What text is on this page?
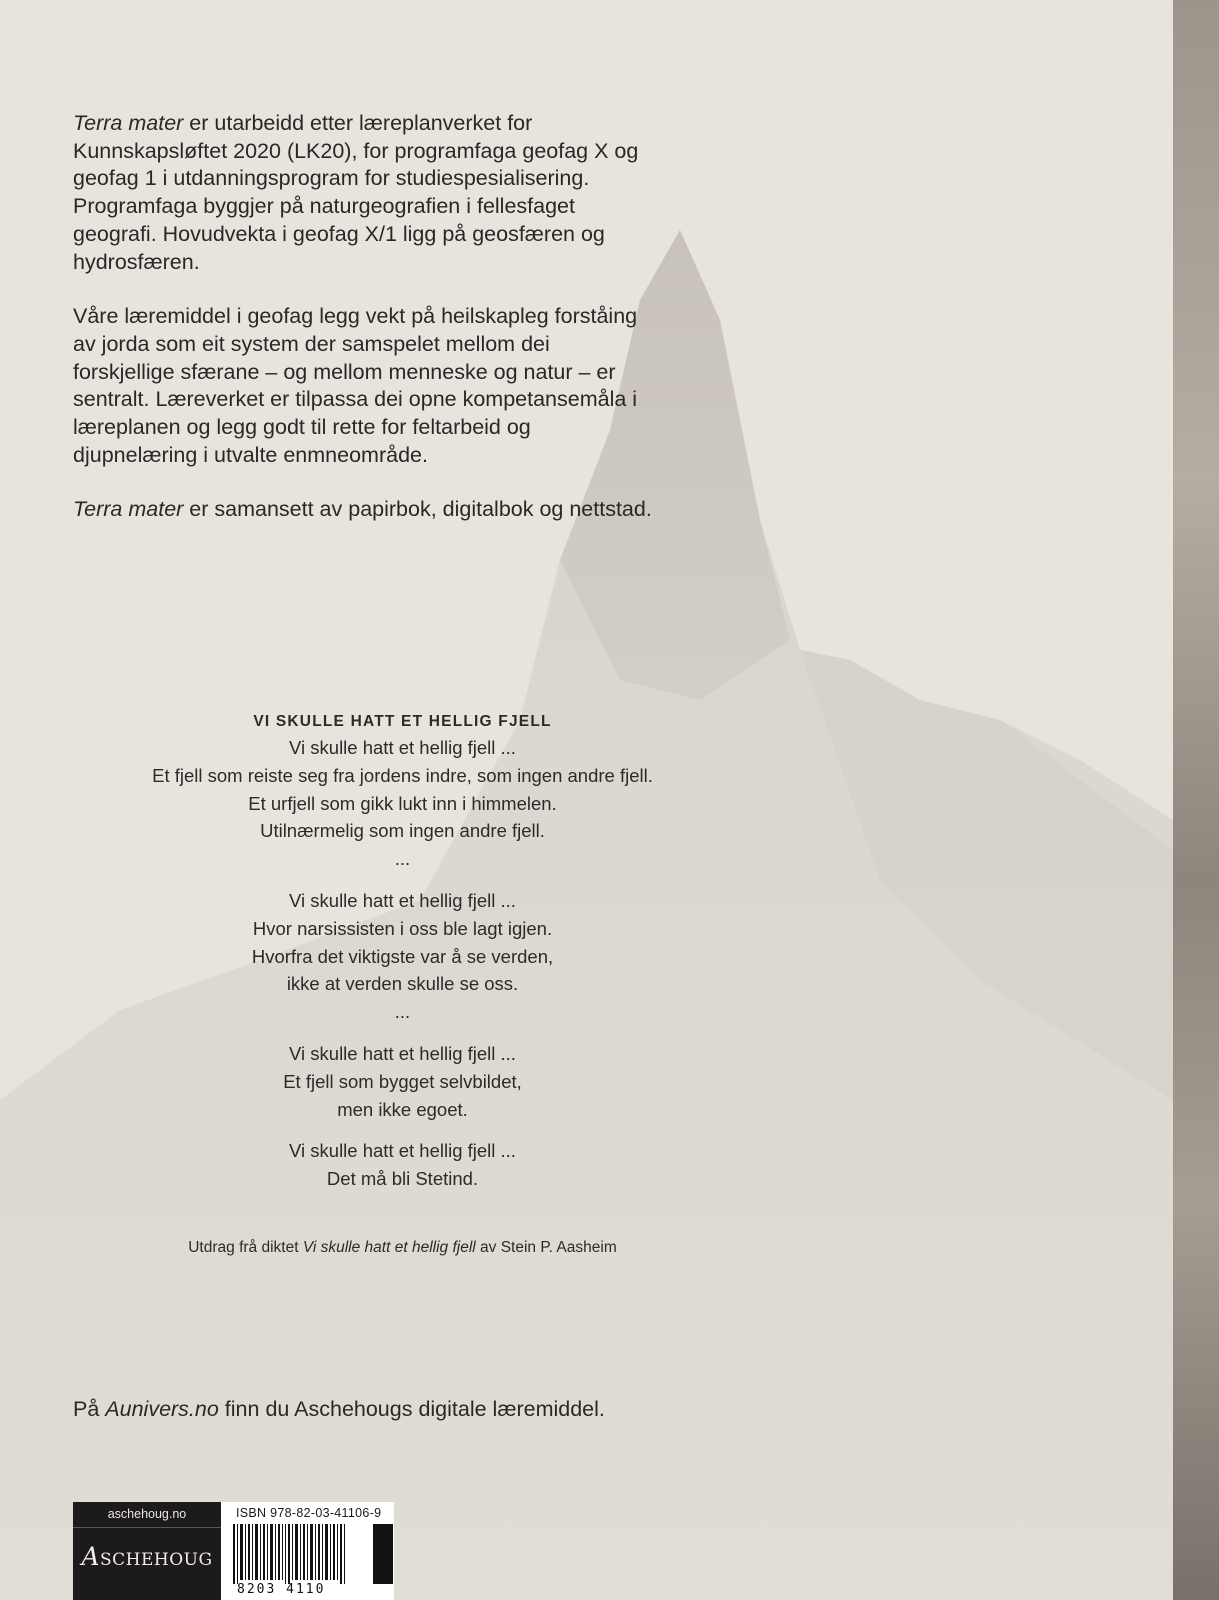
Terra mater er utarbeidd etter læreplanverket for Kunnskapsløftet 2020 (LK20), for programfaga geofag X og geofag 1 i utdanningsprogram for studiespesialisering. Programfaga byggjer på naturgeografien i fellesfaget geografi. Hovudvekta i geofag X/1 ligg på geosfæren og hydrosfæren.

Våre læremiddel i geofag legg vekt på heilskapleg forståing av jorda som eit system der samspelet mellom dei forskjellige sfærane – og mellom menneske og natur – er sentralt. Læreverket er tilpassa dei opne kompetansemåla i læreplanen og legg godt til rette for feltarbeid og djupnelæring i utvalte enmneområde.

Terra mater er samansett av papirbok, digitalbok og nettstad.

VI SKULLE HATT ET HELLIG FJELL
Vi skulle hatt et hellig fjell ...
Et fjell som reiste seg fra jordens indre, som ingen andre fjell.
Et urfjell som gikk lukt inn i himmelen.
Utilnærmelig som ingen andre fjell.
...
Vi skulle hatt et hellig fjell ...
Hvor narsissisten i oss ble lagt igjen.
Hvorfra det viktigste var å se verden,
ikke at verden skulle se oss.
...
Vi skulle hatt et hellig fjell ...
Et fjell som bygget selvbildet,
men ikke egoet.
Vi skulle hatt et hellig fjell ...
Det må bli Stetind.
Utdrag frå diktet Vi skulle hatt et hellig fjell av Stein P. Aasheim
På Aunivers.no finn du Aschehougs digitale læremiddel.
aschehoug.no
ASCHEHOUG
ISBN 978-82-03-41106-9
8203 4110
